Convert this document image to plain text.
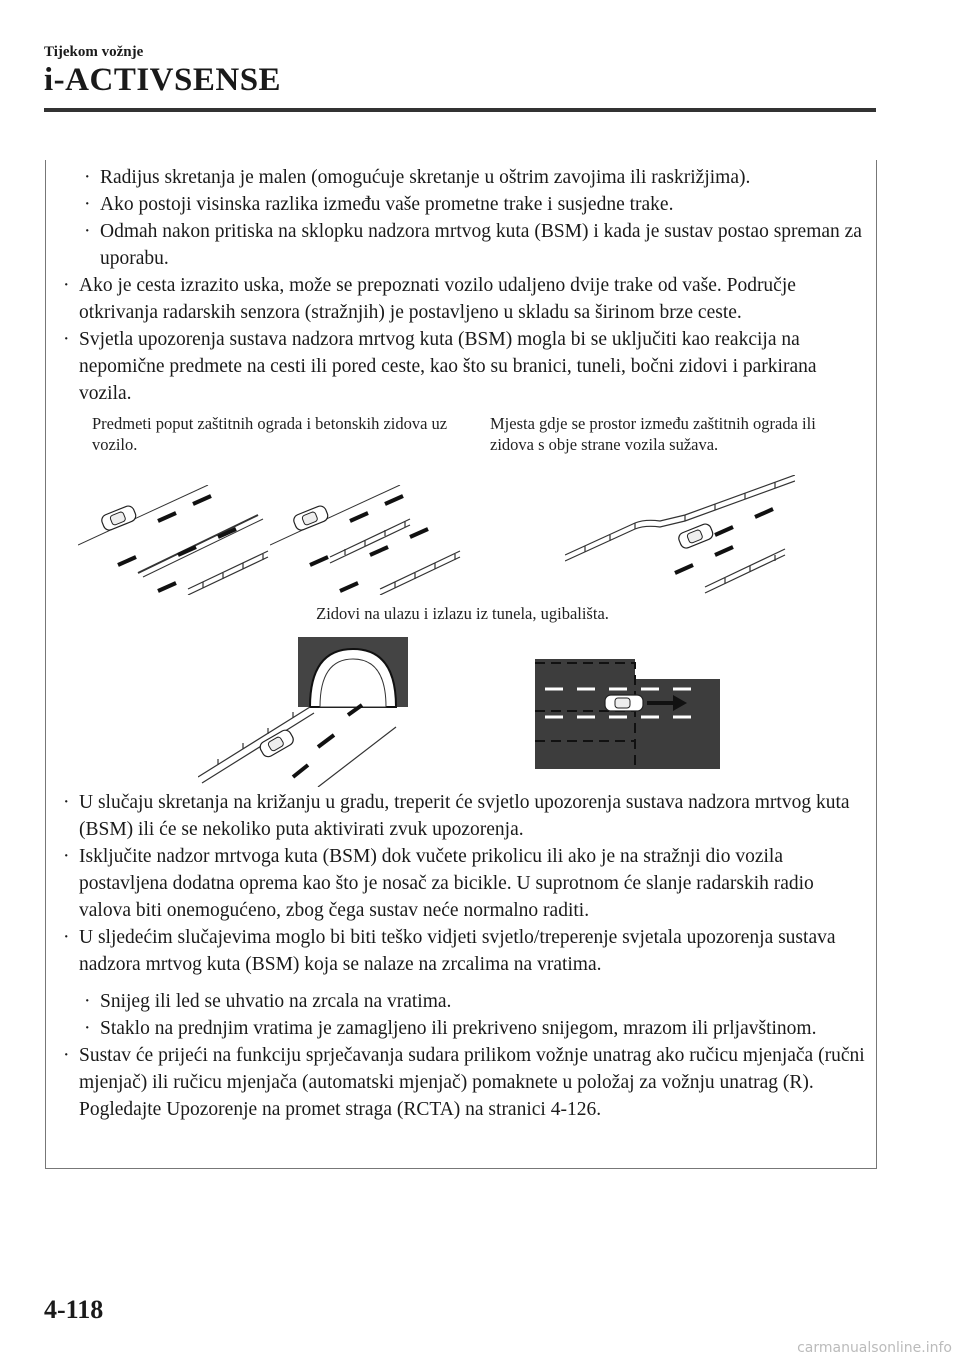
Tijekom vožnje
i-ACTIVSENSE
· Radijus skretanja je malen (omogućuje skretanje u oštrim zavojima ili raskrižjima).
· Ako postoji visinska razlika između vaše prometne trake i susjedne trake.
· Odmah nakon pritiska na sklopku nadzora mrtvog kuta (BSM) i kada je sustav postao spreman za uporabu.
· Ako je cesta izrazito uska, može se prepoznati vozilo udaljeno dvije trake od vaše. Područje otkrivanja radarskih senzora (stražnjih) je postavljeno u skladu sa širinom brze ceste.
· Svjetla upozorenja sustava nadzora mrtvog kuta (BSM) mogla bi se uključiti kao reakcija na nepomične predmete na cesti ili pored ceste, kao što su branici, tuneli, bočni zidovi i parkirana vozila.
Predmeti poput zaštitnih ograda i betonskih zidova uz vozilo.
Mjesta gdje se prostor između zaštitnih ograda ili zidova s obje strane vozila sužava.
Zidovi na ulazu i izlazu iz tunela, ugibališta.
· U slučaju skretanja na križanju u gradu, treperit će svjetlo upozorenja sustava nadzora mrtvog kuta (BSM) ili će se nekoliko puta aktivirati zvuk upozorenja.
· Isključite nadzor mrtvoga kuta (BSM) dok vučete prikolicu ili ako je na stražnji dio vozila postavljena dodatna oprema kao što je nosač za bicikle. U suprotnom će slanje radarskih radio valova biti onemogućeno, zbog čega sustav neće normalno raditi.
· U sljedećim slučajevima moglo bi biti teško vidjeti svjetlo/treperenje svjetala upozorenja sustava nadzora mrtvog kuta (BSM) koja se nalaze na zrcalima na vratima.
· Snijeg ili led se uhvatio na zrcala na vratima.
· Staklo na prednjim vratima je zamagljeno ili prekriveno snijegom, mrazom ili prljavštinom.
· Sustav će prijeći na funkciju sprječavanja sudara prilikom vožnje unatrag ako ručicu mjenjača (ručni mjenjač) ili ručicu mjenjača (automatski mjenjač) pomaknete u položaj za vožnju unatrag (R).
Pogledajte Upozorenje na promet straga (RCTA) na stranici 4-126.
4-118
carmanualsonline.info
